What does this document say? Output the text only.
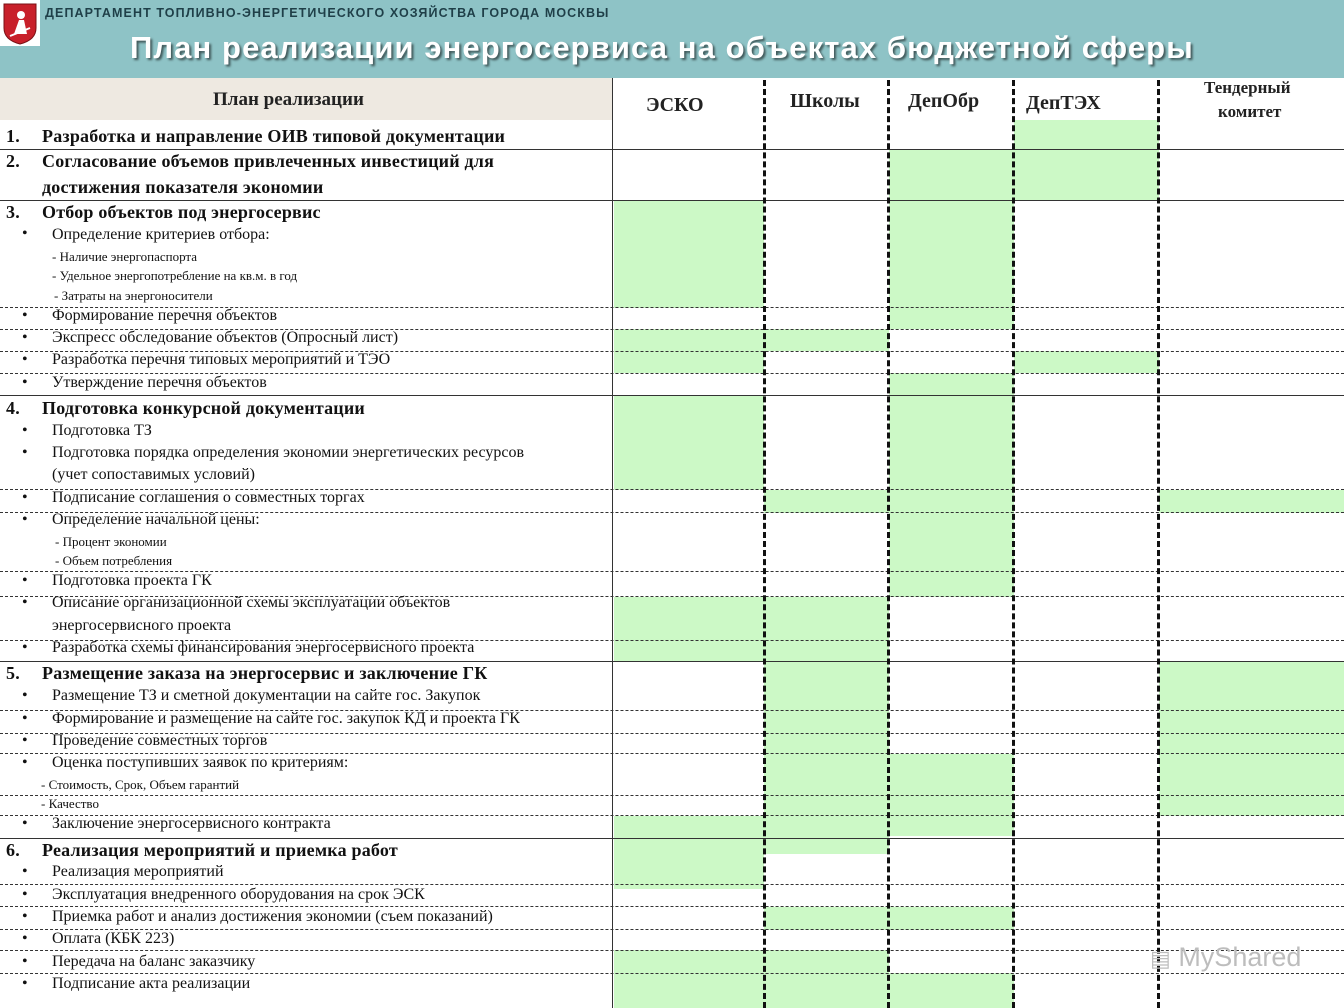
ДЕПАРТАМЕНТ ТОПЛИВНО-ЭНЕРГЕТИЧЕСКОГО ХОЗЯЙСТВА ГОРОДА МОСКВЫ
План реализации энергосервиса на объектах бюджетной сферы
План реализации	ЭСКО	Школы ДепОбр ДепТЭХ
Тендерный
комитет
1. Разработка и направление ОИВ типовой документации
2. Согласование объемов привлеченных инвестиций для
достижения показателя экономии
3. Отбор объектов под энергосервис
• Определение критериев отбора:
- Наличие энергопаспорта
- Удельное энергопотребление на кв.м. в год
- Затраты на энергоносители
• Формирование перечня объектов
• Экспресс обследование объектов (Опросный лист)
• Разработка перечня типовых мероприятий и ТЭО
• Утверждение перечня объектов
4. Подготовка конкурсной документации
• Подготовка ТЗ
• Подготовка порядка определения экономии энергетических ресурсов
(учет сопоставимых условий)
• Подписание соглашения о совместных торгах
• Определение начальной цены:
- Процент экономии
- Объем потребления
• Подготовка проекта ГК
• Описание организационной схемы эксплуатации объектов
энергосервисного проекта
• Разработка схемы финансирования энергосервисного проекта
5. Размещение заказа на энергосервис и заключение ГК
• Размещение ТЗ и сметной документации на сайте гос. Закупок
• Формирование и размещение на сайте гос. закупок КД и проекта ГК
• Проведение совместных торгов
• Оценка поступивших заявок по критериям:
- Стоимость, Срок, Объем гарантий
- Качество
• Заключение энергосервисного контракта
6. Реализация мероприятий и приемка работ
• Реализация мероприятий
• Эксплуатация внедренного оборудования на срок ЭСК
• Приемка работ и анализ достижения экономии (съем показаний)
• Оплата (КБК 223)
• Передача на баланс заказчику
• Подписание акта реализации
▤ MyShared
